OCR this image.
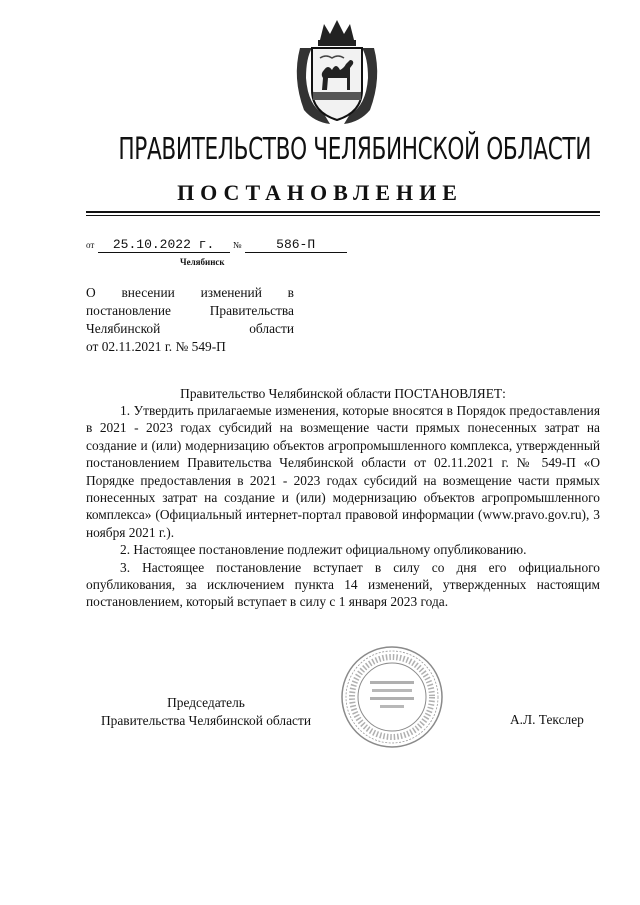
ПРАВИТЕЛЬСТВО ЧЕЛЯБИНСКОЙ ОБЛАСТИ
ПОСТАНОВЛЕНИЕ
от 25.10.2022 г. №	586-П
Челябинск
О внесении изменений в
постановление Правительства
Челябинской области
от 02.11.2021 г. № 549-П
Правительство Челябинской области ПОСТАНОВЛЯЕТ:

1. Утвердить прилагаемые изменения, которые вносятся в Порядок предоставления в 2021 - 2023 годах субсидий на возмещение части прямых понесенных затрат на создание и (или) модернизацию объектов агропромышленного комплекса, утвержденный постановлением Правительства Челябинской области от 02.11.2021 г. № 549-П «О Порядке предоставления в 2021 - 2023 годах субсидий на возмещение части прямых понесенных затрат на создание и (или) модернизацию объектов агропромышленного комплекса» (Официальный интернет-портал правовой информации (www.pravo.gov.ru), 3 ноября 2021 г.).

2. Настоящее постановление подлежит официальному опубликованию.

3. Настоящее постановление вступает в силу со дня его официального опубликования, за исключением пункта 14 изменений, утвержденных настоящим постановлением, который вступает в силу с 1 января 2023 года.

Председатель
Правительства Челябинской области	А.Л. Текслер
